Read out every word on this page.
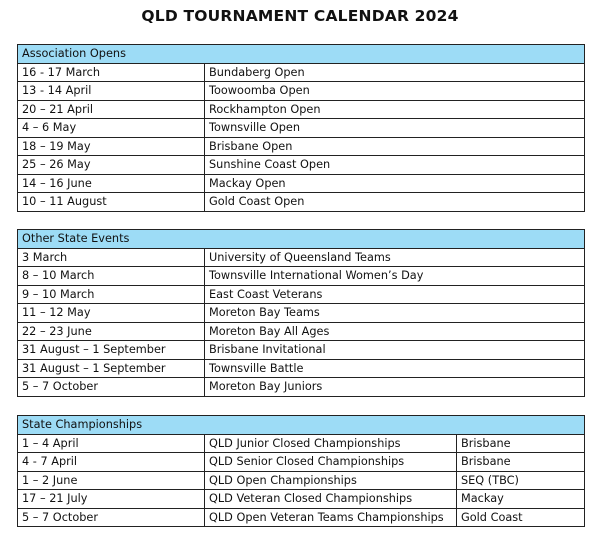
QLD TOURNAMENT CALENDAR 2024
Association Opens	
16 - 17 March	Bundaberg Open
13 - 14 April	Toowoomba Open
20 – 21 April	Rockhampton Open
4 – 6 May	Townsville Open
18 – 19 May	Brisbane Open
25 – 26 May	Sunshine Coast Open
14 – 16 June	Mackay Open
10 – 11 August	Gold Coast Open
Other State Events	
3 March	University of Queensland Teams
8 – 10 March	Townsville International Women’s Day
9 – 10 March	East Coast Veterans
11 – 12 May	Moreton Bay Teams
22 – 23 June	Moreton Bay All Ages
31 August – 1 September	Brisbane Invitational
31 August – 1 September	Townsville Battle
5 – 7 October	Moreton Bay Juniors
State Championships		
1 – 4 April	QLD Junior Closed Championships	Brisbane
4 - 7 April	QLD Senior Closed Championships	Brisbane
1 – 2 June	QLD Open Championships	SEQ (TBC)
17 – 21 July	QLD Veteran Closed Championships	Mackay
5 – 7 October	QLD Open Veteran Teams Championships	Gold Coast
